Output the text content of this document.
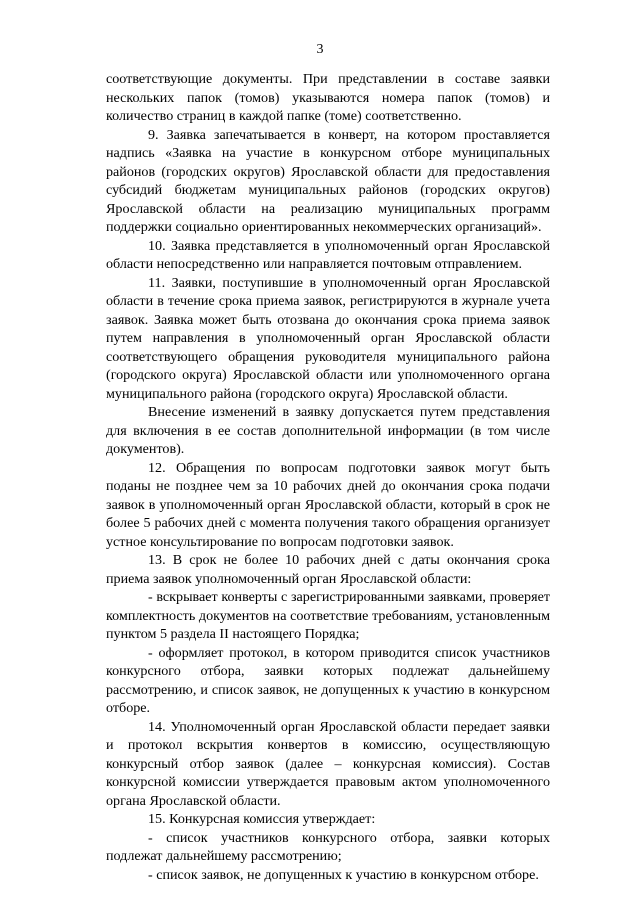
3

соответствующие документы. При представлении в составе заявки нескольких папок (томов) указываются номера папок (томов) и количество страниц в каждой папке (томе) соответственно.

9. Заявка запечатывается в конверт, на котором проставляется надпись «Заявка на участие в конкурсном отборе муниципальных районов (городских округов) Ярославской области для предоставления субсидий бюджетам муниципальных районов (городских округов) Ярославской области на реализацию муниципальных программ поддержки социально ориентированных некоммерческих организаций».

10. Заявка представляется в уполномоченный орган Ярославской области непосредственно или направляется почтовым отправлением.

11. Заявки, поступившие в уполномоченный орган Ярославской области в течение срока приема заявок, регистрируются в журнале учета заявок. Заявка может быть отозвана до окончания срока приема заявок путем направления в уполномоченный орган Ярославской области соответствующего обращения руководителя муниципального района (городского округа) Ярославской области или уполномоченного органа муниципального района (городского округа) Ярославской области.

Внесение изменений в заявку допускается путем представления для включения в ее состав дополнительной информации (в том числе документов).

12. Обращения по вопросам подготовки заявок могут быть поданы не позднее чем за 10 рабочих дней до окончания срока подачи заявок в уполномоченный орган Ярославской области, который в срок не более 5 рабочих дней с момента получения такого обращения организует устное консультирование по вопросам подготовки заявок.

13. В срок не более 10 рабочих дней с даты окончания срока приема заявок уполномоченный орган Ярославской области:

- вскрывает конверты с зарегистрированными заявками, проверяет комплектность документов на соответствие требованиям, установленным пунктом 5 раздела II настоящего Порядка;

- оформляет протокол, в котором приводится список участников конкурсного отбора, заявки которых подлежат дальнейшему рассмотрению, и список заявок, не допущенных к участию в конкурсном отборе.

14. Уполномоченный орган Ярославской области передает заявки и протокол вскрытия конвертов в комиссию, осуществляющую конкурсный отбор заявок (далее – конкурсная комиссия). Состав конкурсной комиссии утверждается правовым актом уполномоченного органа Ярославской области.

15. Конкурсная комиссия утверждает:

- список участников конкурсного отбора, заявки которых подлежат дальнейшему рассмотрению;

- список заявок, не допущенных к участию в конкурсном отборе.
